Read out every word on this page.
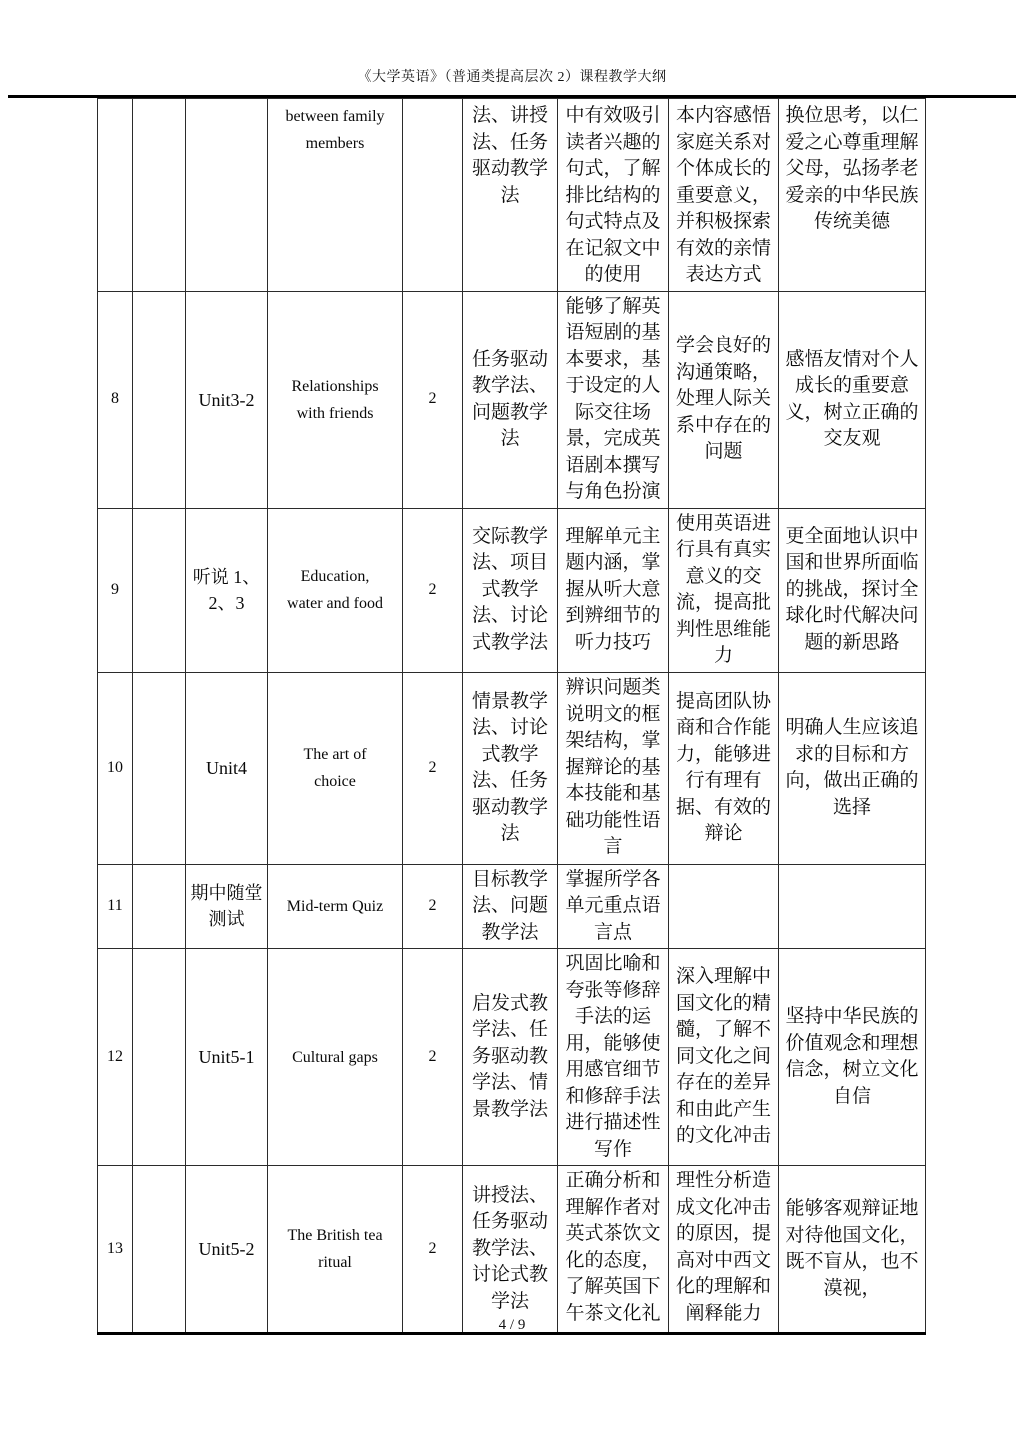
《大学英语》（普通类提高层次 2）课程教学大纲
			between family members		法、讲授法、任务驱动教学法	中有效吸引读者兴趣的句式，了解排比结构的句式特点及在记叙文中的使用	本内容感悟家庭关系对个体成长的重要意义，并积极探索有效的亲情表达方式	换位思考，以仁爱之心尊重理解父母，弘扬孝老爱亲的中华民族传统美德
8		Unit3-2	Relationships with friends	2	任务驱动教学法、问题教学法	能够了解英语短剧的基本要求，基于设定的人际交往场景，完成英语剧本撰写与角色扮演	学会良好的沟通策略，处理人际关系中存在的问题	感悟友情对个人成长的重要意义，树立正确的交友观
9		听说 1、2、3	Education, water and food	2	交际教学法、项目式教学法、讨论式教学法	理解单元主题内涵，掌握从听大意到辨细节的听力技巧	使用英语进行具有真实意义的交流，提高批判性思维能力	更全面地认识中国和世界所面临的挑战，探讨全球化时代解决问题的新思路
10		Unit4	The art of choice	2	情景教学法、讨论式教学法、任务驱动教学法	辨识问题类说明文的框架结构，掌握辩论的基本技能和基础功能性语言	提高团队协商和合作能力，能够进行有理有据、有效的辩论	明确人生应该追求的目标和方向，做出正确的选择
11		期中随堂测试	Mid-term Quiz	2	目标教学法、问题教学法	掌握所学各单元重点语言点		
12		Unit5-1	Cultural gaps	2	启发式教学法、任务驱动教学法、情景教学法	巩固比喻和夸张等修辞手法的运用，能够使用感官细节和修辞手法进行描述性写作	深入理解中国文化的精髓，了解不同文化之间存在的差异和由此产生的文化冲击	坚持中华民族的价值观念和理想信念，树立文化自信
13		Unit5-2	The British tea ritual	2	讲授法、任务驱动教学法、讨论式教学法	正确分析和理解作者对英式茶饮文化的态度，了解英国下午茶文化礼	理性分析造成文化冲击的原因，提高对中西文化的理解和阐释能力	能够客观辩证地对待他国文化，既不盲从，也不漠视，
4 / 9
